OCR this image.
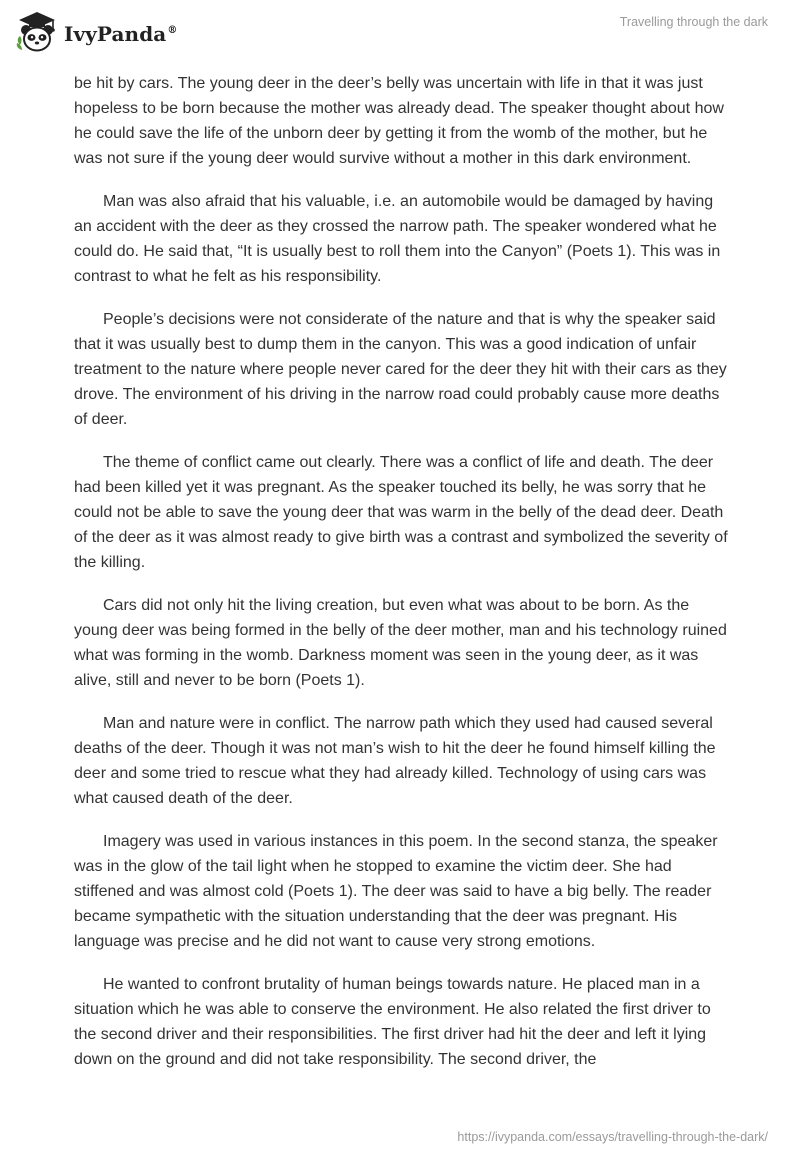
IvyPanda®
Travelling through the dark

be hit by cars. The young deer in the deer’s belly was uncertain with life in that it was just hopeless to be born because the mother was already dead. The speaker thought about how he could save the life of the unborn deer by getting it from the womb of the mother, but he was not sure if the young deer would survive without a mother in this dark environment.

Man was also afraid that his valuable, i.e. an automobile would be damaged by having an accident with the deer as they crossed the narrow path. The speaker wondered what he could do. He said that, “It is usually best to roll them into the Canyon” (Poets 1). This was in contrast to what he felt as his responsibility.

People’s decisions were not considerate of the nature and that is why the speaker said that it was usually best to dump them in the canyon. This was a good indication of unfair treatment to the nature where people never cared for the deer they hit with their cars as they drove. The environment of his driving in the narrow road could probably cause more deaths of deer.

The theme of conflict came out clearly. There was a conflict of life and death. The deer had been killed yet it was pregnant. As the speaker touched its belly, he was sorry that he could not be able to save the young deer that was warm in the belly of the dead deer. Death of the deer as it was almost ready to give birth was a contrast and symbolized the severity of the killing.

Cars did not only hit the living creation, but even what was about to be born. As the young deer was being formed in the belly of the deer mother, man and his technology ruined what was forming in the womb. Darkness moment was seen in the young deer, as it was alive, still and never to be born (Poets 1).

Man and nature were in conflict. The narrow path which they used had caused several deaths of the deer. Though it was not man’s wish to hit the deer he found himself killing the deer and some tried to rescue what they had already killed. Technology of using cars was what caused death of the deer.

Imagery was used in various instances in this poem. In the second stanza, the speaker was in the glow of the tail light when he stopped to examine the victim deer. She had stiffened and was almost cold (Poets 1). The deer was said to have a big belly. The reader became sympathetic with the situation understanding that the deer was pregnant. His language was precise and he did not want to cause very strong emotions.

He wanted to confront brutality of human beings towards nature. He placed man in a situation which he was able to conserve the environment. He also related the first driver to the second driver and their responsibilities. The first driver had hit the deer and left it lying down on the ground and did not take responsibility. The second driver, the

https://ivypanda.com/essays/travelling-through-the-dark/
